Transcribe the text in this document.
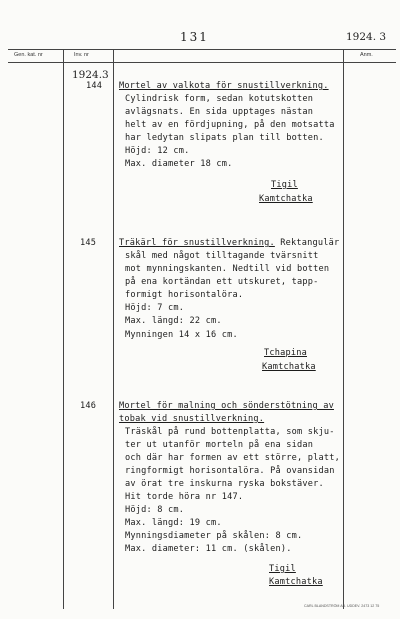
131	1924. 3
Gen. kat. nr	Inv. nr	Anm.
1924.3
144 Mortel av valkota för snustillverkning.
Cylindrisk form, sedan kotutskotten
avlägsnats. En sida upptages nästan
helt av en fördjupning, på den motsatta
har ledytan slipats plan till botten.
Höjd: 12 cm.
Max. diameter 18 cm.
Tigil
Kamtchatka
145	Träkärl för snustillverkning. Rektangulär
skål med något tilltagande tvärsnitt
mot mynningskanten. Nedtill vid botten
på ena kortändan ett utskuret, tapp-
formigt horisontalöra.
Höjd: 7 cm.
Max. längd: 22 cm.
Mynningen 14 x 16 cm.
Tchapina
Kamtchatka
146	Mortel för malning och sönderstötning av
tobak vid snustillverkning.
Träskål på rund bottenplatta, som skju-
ter ut utanför morteln på ena sidan
och där har formen av ett större, platt,
ringformigt horisontalöra. På ovansidan
av örat tre inskurna ryska bokstäver.
Hit torde höra nr 147.
Höjd: 8 cm.
Max. längd: 19 cm.
Mynningsdiameter på skålen: 8 cm.
Max. diameter: 11 cm. (skålen).
Tigil
Kamtchatka
CARL BLANDSTRÖM AB. UDDEV. 2473 12 75
